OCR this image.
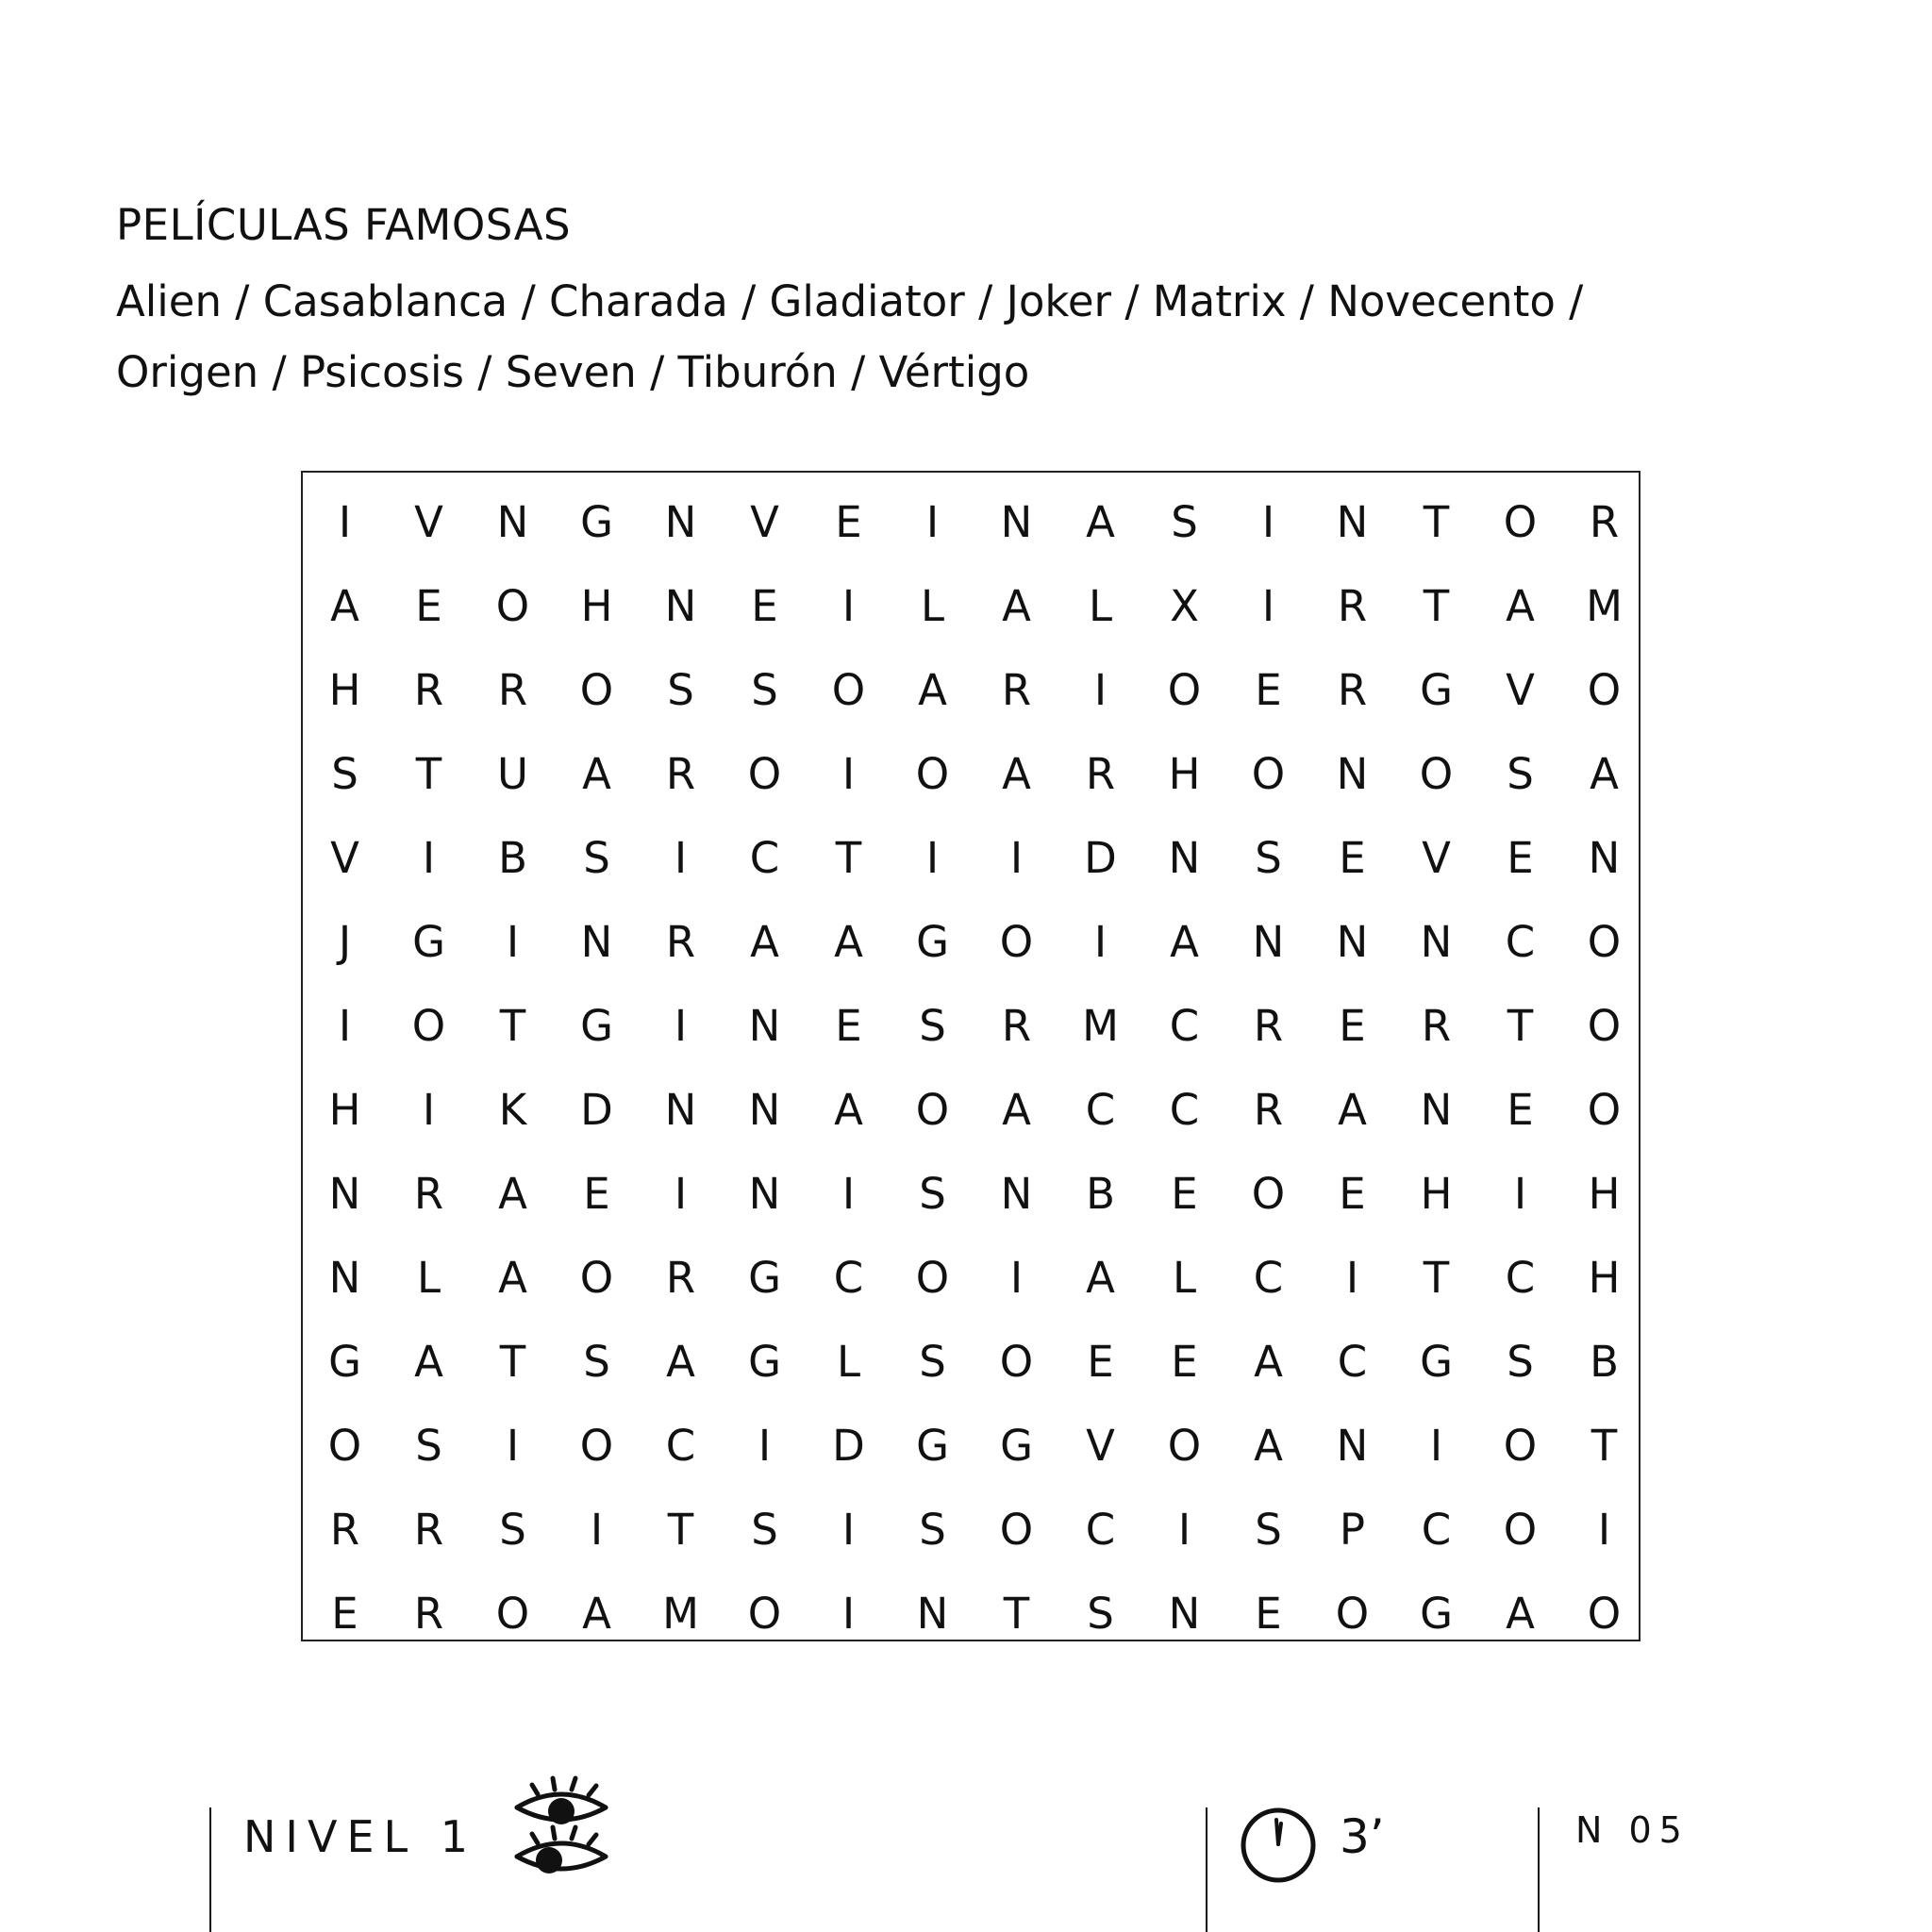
PELÍCULAS FAMOSAS
Alien / Casablanca / Charada / Gladiator / Joker / Matrix / Novecento /
Origen / Psicosis / Seven / Tiburón / Vértigo
I	V	N	G	N	V	E	I	N	A	S	I	N	T	O	R
A	E	O	H	N	E	I	L	A	L	X	I	R	T	A	M
H	R	R	O	S	S	O	A	R	I	O	E	R	G	V	O
S	T	U	A	R	O	I	O	A	R	H	O	N	O	S	A
V	I	B	S	I	C	T	I	I	D	N	S	E	V	E	N
J	G	I	N	R	A	A	G	O	I	A	N	N	N	C	O
I	O	T	G	I	N	E	S	R	M	C	R	E	R	T	O
H	I	K	D	N	N	A	O	A	C	C	R	A	N	E	O
N	R	A	E	I	N	I	S	N	B	E	O	E	H	I	H
N	L	A	O	R	G	C	O	I	A	L	C	I	T	C	H
G	A	T	S	A	G	L	S	O	E	E	A	C	G	S	B
O	S	I	O	C	I	D	G	G	V	O	A	N	I	O	T
R	R	S	I	T	S	I	S	O	C	I	S	P	C	O	I
E	R	O	A	M	O	I	N	T	S	N	E	O	G	A	O
NIVEL 1	3’	N 05
